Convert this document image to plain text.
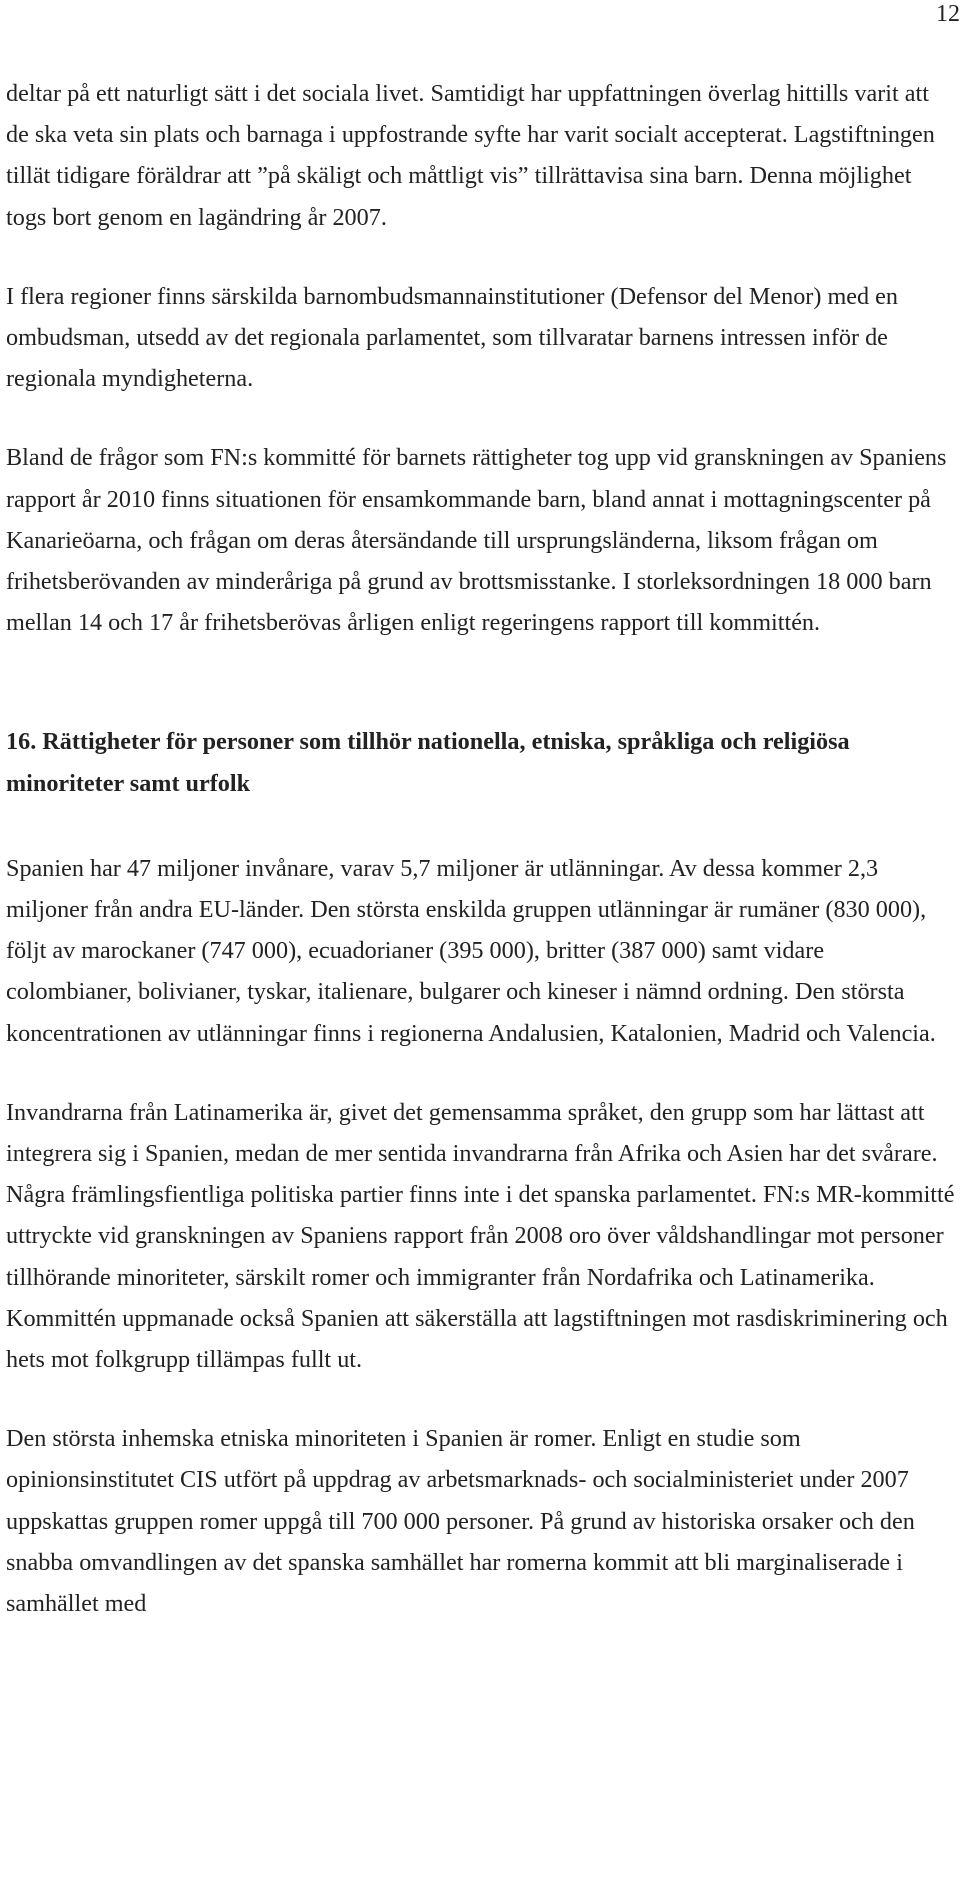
12

deltar på ett naturligt sätt i det sociala livet. Samtidigt har uppfattningen överlag hittills varit att de ska veta sin plats och barnaga i uppfostrande syfte har varit socialt accepterat. Lagstiftningen tillät tidigare föräldrar att ”på skäligt och måttligt vis” tillrättavisa sina barn. Denna möjlighet togs bort genom en lagändring år 2007.

I flera regioner finns särskilda barnombudsmannainstitutioner (Defensor del Menor) med en ombudsman, utsedd av det regionala parlamentet, som tillvaratar barnens intressen inför de regionala myndigheterna.

Bland de frågor som FN:s kommitté för barnets rättigheter tog upp vid granskningen av Spaniens rapport år 2010 finns situationen för ensamkommande barn, bland annat i mottagningscenter på Kanarieöarna, och frågan om deras återsändande till ursprungsländerna, liksom frågan om frihetsberövanden av minderåriga på grund av brottsmisstanke. I storleksordningen 18 000 barn mellan 14 och 17 år frihetsberövas årligen enligt regeringens rapport till kommittén.

16. Rättigheter för personer som tillhör nationella, etniska, språkliga och religiösa minoriteter samt urfolk

Spanien har 47 miljoner invånare, varav 5,7 miljoner är utlänningar. Av dessa kommer 2,3 miljoner från andra EU-länder. Den största enskilda gruppen utlänningar är rumäner (830 000), följt av marockaner (747 000), ecuadorianer (395 000), britter (387 000) samt vidare colombianer, bolivianer, tyskar, italienare, bulgarer och kineser i nämnd ordning. Den största koncentrationen av utlänningar finns i regionerna Andalusien, Katalonien, Madrid och Valencia.

Invandrarna från Latinamerika är, givet det gemensamma språket, den grupp som har lättast att integrera sig i Spanien, medan de mer sentida invandrarna från Afrika och Asien har det svårare. Några främlingsfientliga politiska partier finns inte i det spanska parlamentet. FN:s MR-kommitté uttryckte vid granskningen av Spaniens rapport från 2008 oro över våldshandlingar mot personer tillhörande minoriteter, särskilt romer och immigranter från Nordafrika och Latinamerika. Kommittén uppmanade också Spanien att säkerställa att lagstiftningen mot rasdiskriminering och hets mot folkgrupp tillämpas fullt ut.

Den största inhemska etniska minoriteten i Spanien är romer. Enligt en studie som opinionsinstitutet CIS utfört på uppdrag av arbetsmarknads- och socialministeriet under 2007 uppskattas gruppen romer uppgå till 700 000 personer. På grund av historiska orsaker och den snabba omvandlingen av det spanska samhället har romerna kommit att bli marginaliserade i samhället med
